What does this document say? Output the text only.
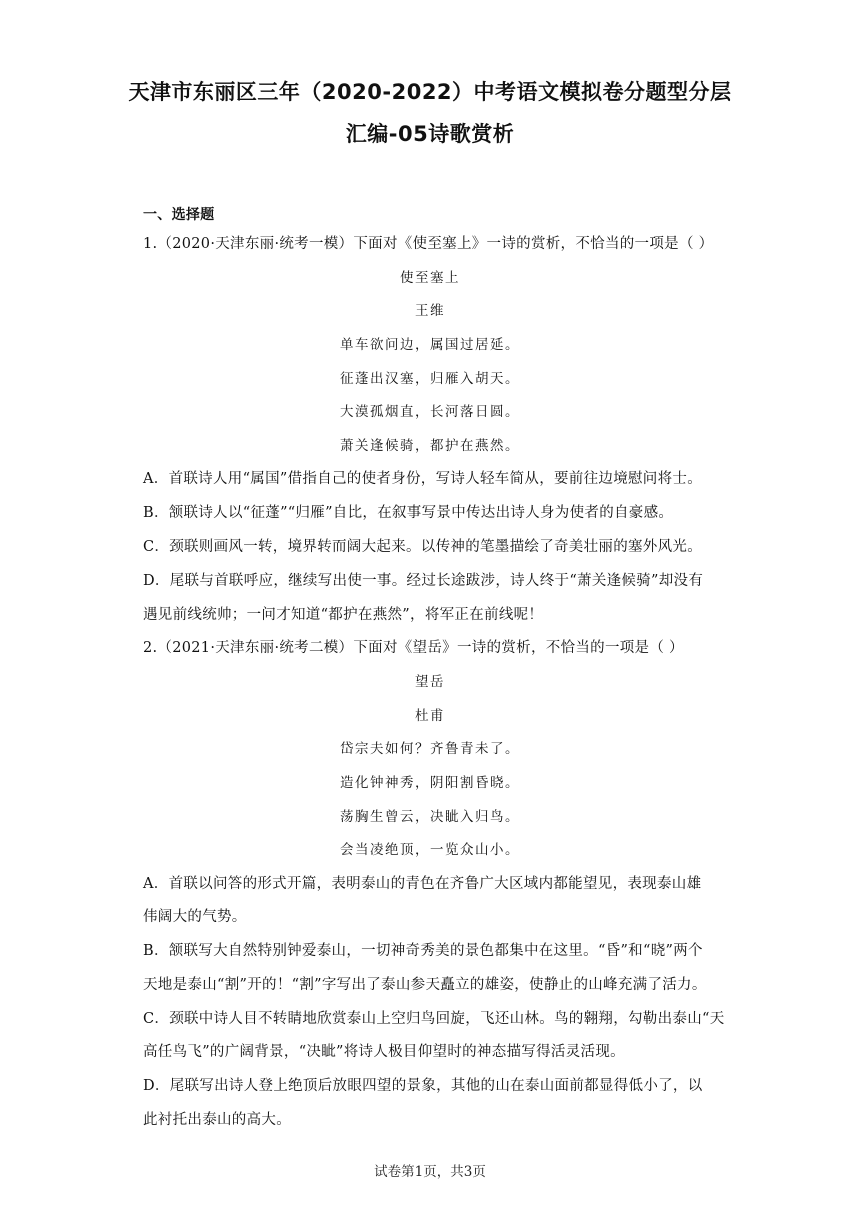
天津市东丽区三年（2020-2022）中考语文模拟卷分题型分层
汇编-05诗歌赏析
一、选择题
1.（2020·天津东丽·统考一模）下面对《使至塞上》一诗的赏析，不恰当的一项是（ ）
使至塞上
王维
单车欲问边，属国过居延。
征蓬出汉塞，归雁入胡天。
大漠孤烟直，长河落日圆。
萧关逢候骑，都护在燕然。
A．首联诗人用“属国”借指自己的使者身份，写诗人轻车简从，要前往边境慰问将士。
B．颔联诗人以“征蓬”“归雁”自比，在叙事写景中传达出诗人身为使者的自豪感。
C．颈联则画风一转，境界转而阔大起来。以传神的笔墨描绘了奇美壮丽的塞外风光。
D．尾联与首联呼应，继续写出使一事。经过长途跋涉，诗人终于“萧关逢候骑”却没有
遇见前线统帅；一问才知道“都护在燕然”，将军正在前线呢！
2.（2021·天津东丽·统考二模）下面对《望岳》一诗的赏析，不恰当的一项是（ ）
望岳
杜甫
岱宗夫如何？齐鲁青未了。
造化钟神秀，阴阳割昏晓。
荡胸生曾云，决眦入归鸟。
会当凌绝顶，一览众山小。
A．首联以问答的形式开篇，表明泰山的青色在齐鲁广大区域内都能望见，表现泰山雄
伟阔大的气势。
B．颔联写大自然特别钟爱泰山，一切神奇秀美的景色都集中在这里。“昏”和“晓”两个
天地是泰山“割”开的！“割”字写出了泰山参天矗立的雄姿，使静止的山峰充满了活力。
C．颈联中诗人目不转睛地欣赏泰山上空归鸟回旋，飞还山林。鸟的翱翔，勾勒出泰山“天
高任鸟飞”的广阔背景，“决眦”将诗人极目仰望时的神态描写得活灵活现。
D．尾联写出诗人登上绝顶后放眼四望的景象，其他的山在泰山面前都显得低小了，以
此衬托出泰山的高大。
试卷第1页，共3页
